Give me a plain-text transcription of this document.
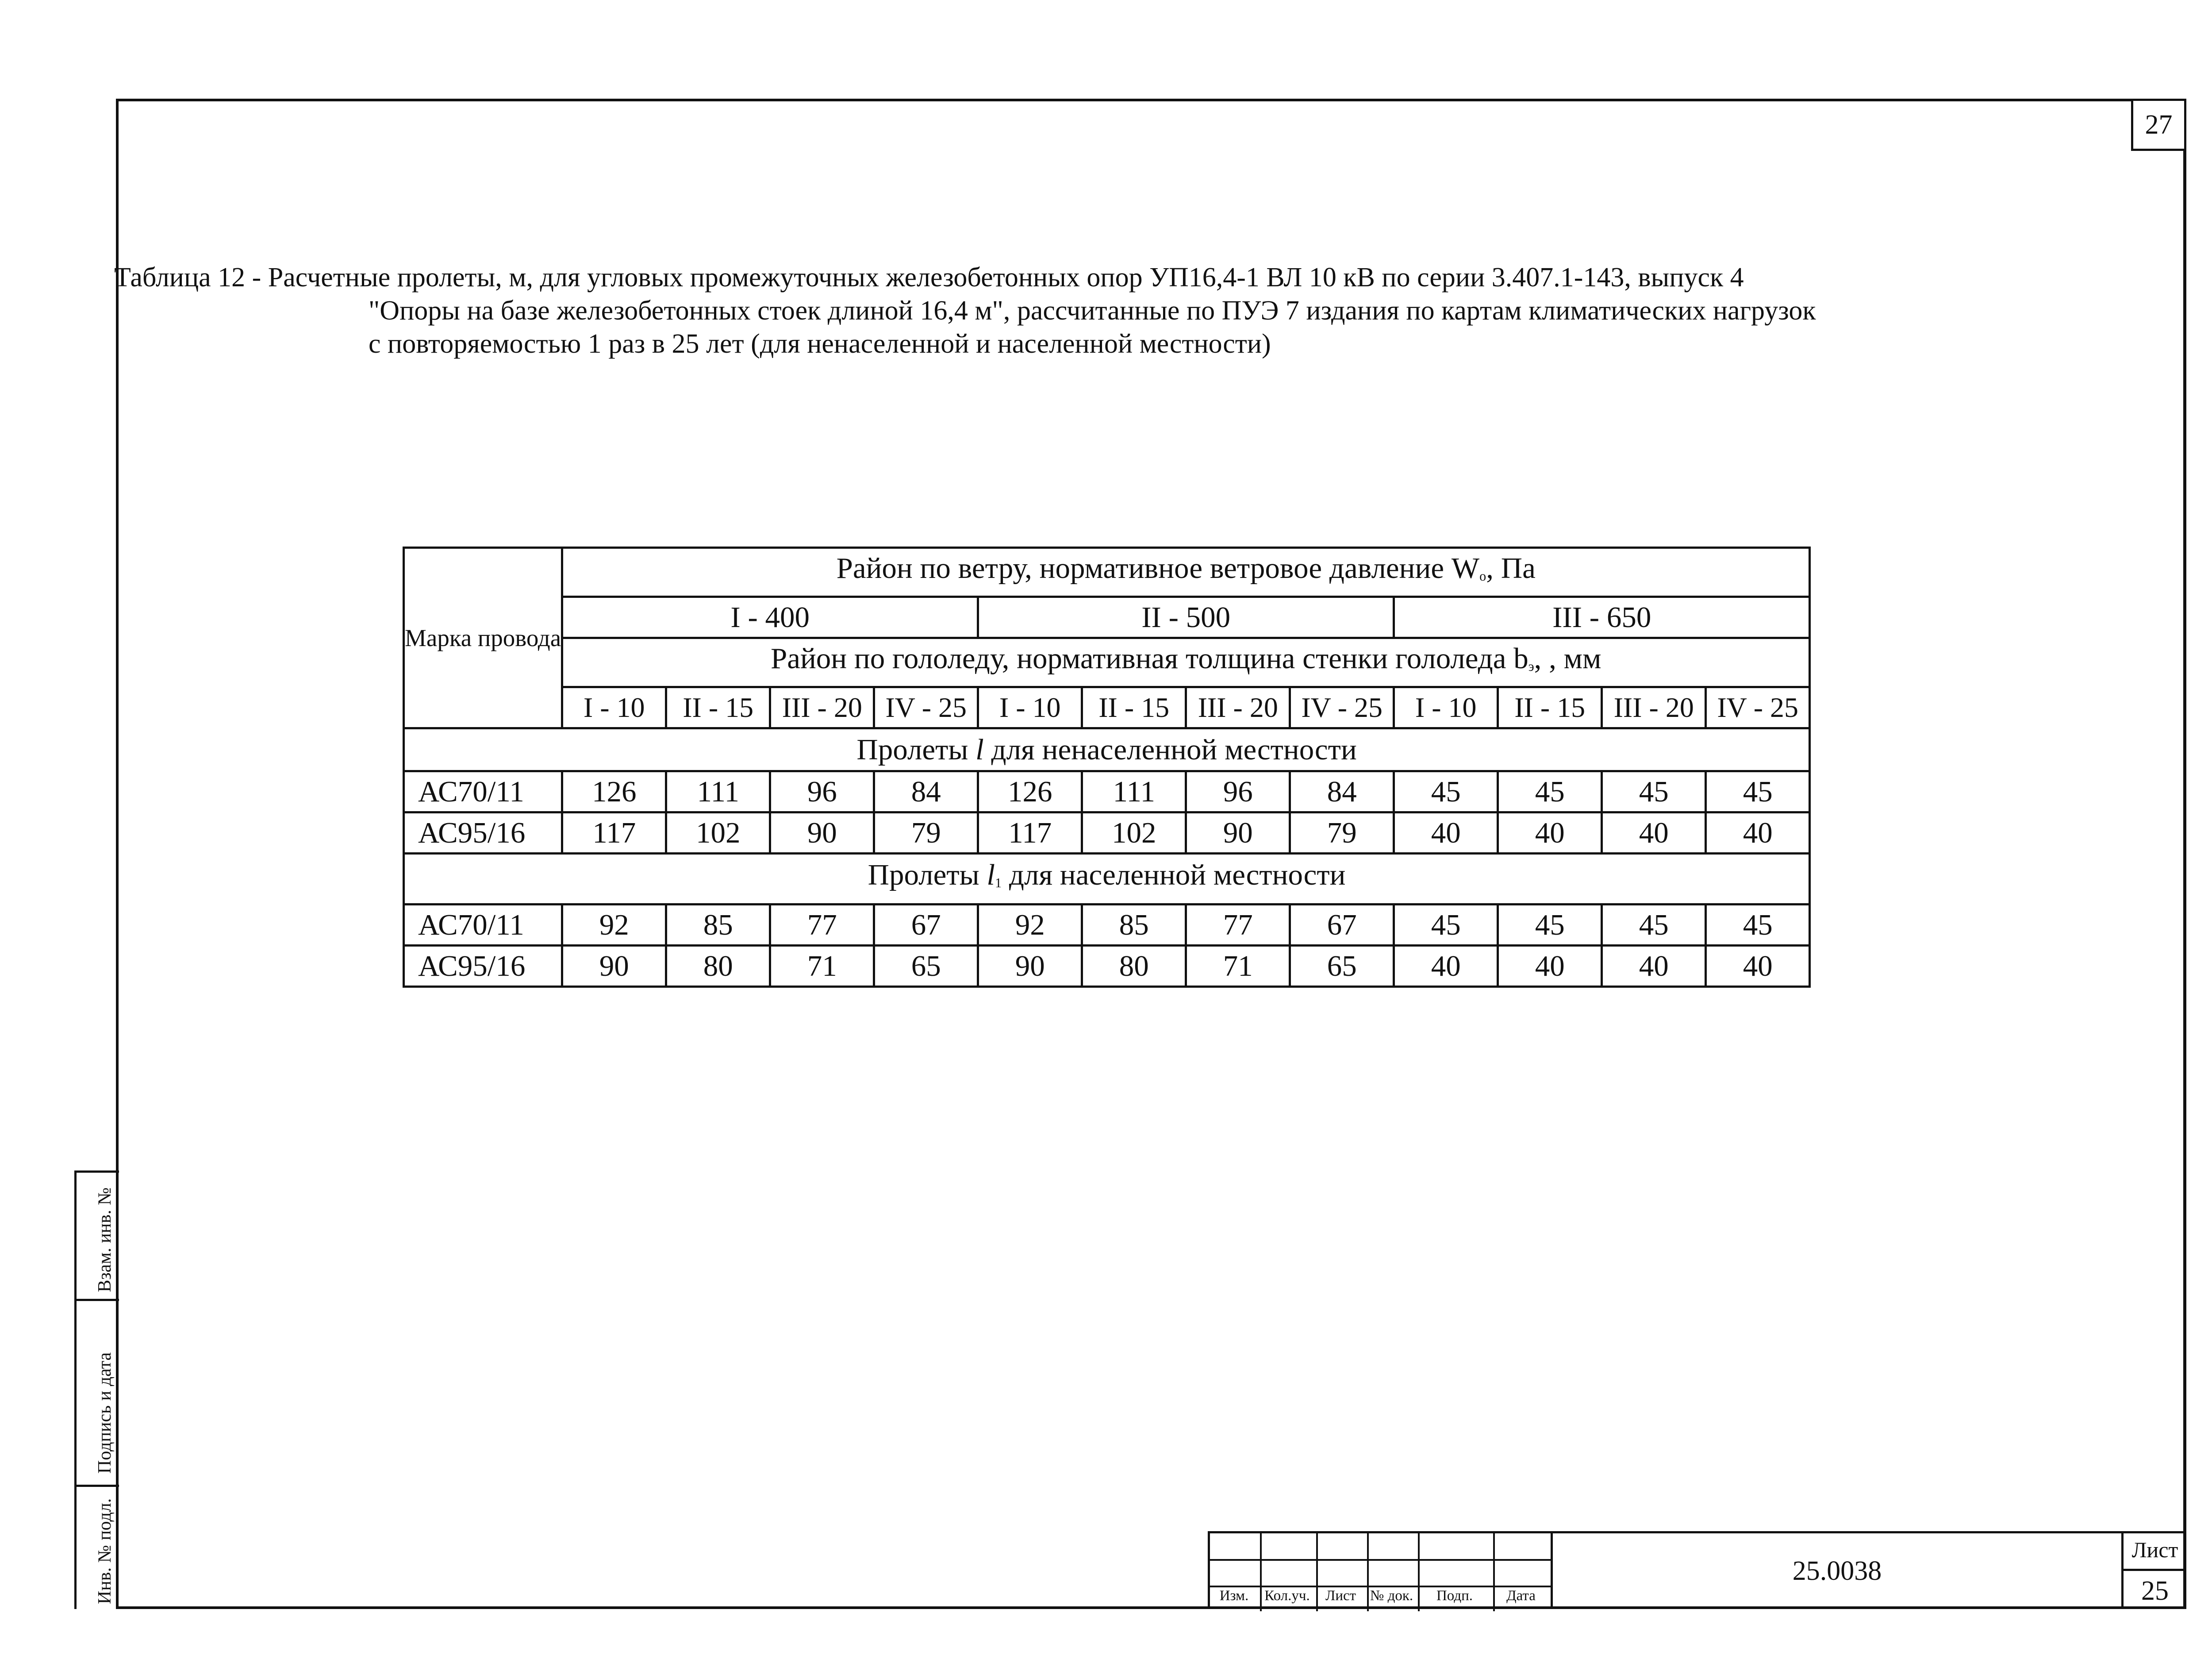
27
Таблица 12 - Расчетные пролеты, м, для угловых промежуточных железобетонных опор УП16,4-1 ВЛ 10 кВ по серии 3.407.1-143, выпуск 4
"Опоры на базе железобетонных стоек длиной 16,4 м", рассчитанные по ПУЭ 7 издания по картам климатических нагрузок
с повторяемостью 1 раз в 25 лет (для ненаселенной и населенной местности)
Марка провода	Район по ветру, нормативное ветровое давление $W_o$, Па											
	I - 400				II - 500				III - 650			
	Район по гололеду, нормативная толщина стенки гололеда $b_э$, , мм											
	I - 10	II - 15	III - 20	IV - 25	I - 10	II - 15	III - 20	IV - 25	I - 10	II - 15	III - 20	IV - 25
Пролеты l для ненаселенной местности												
АС70/11	126	111	96	84	126	111	96	84	45	45	45	45
АС95/16	117	102	90	79	117	102	90	79	40	40	40	40
Пролеты $l_1$ для населенной местности												
АС70/11	92	85	77	67	92	85	77	67	45	45	45	45
АС95/16	90	80	71	65	90	80	71	65	40	40	40	40
Взам. инв. №
Подпись и дата
Инв. № подл.	Изм.	Кол.уч.	Лист № док.	Подп.	Дата
25.0038
Лист
25
